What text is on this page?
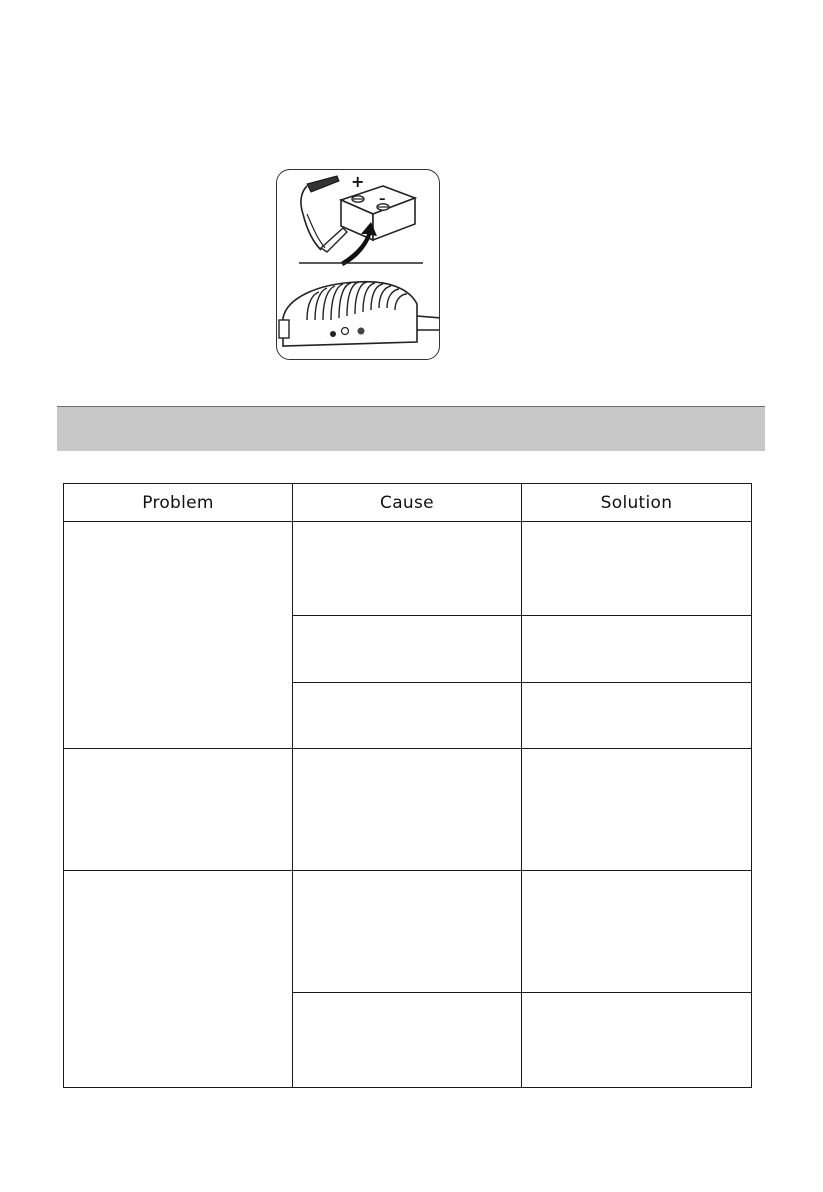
+
–
Problem	Cause	Solution
